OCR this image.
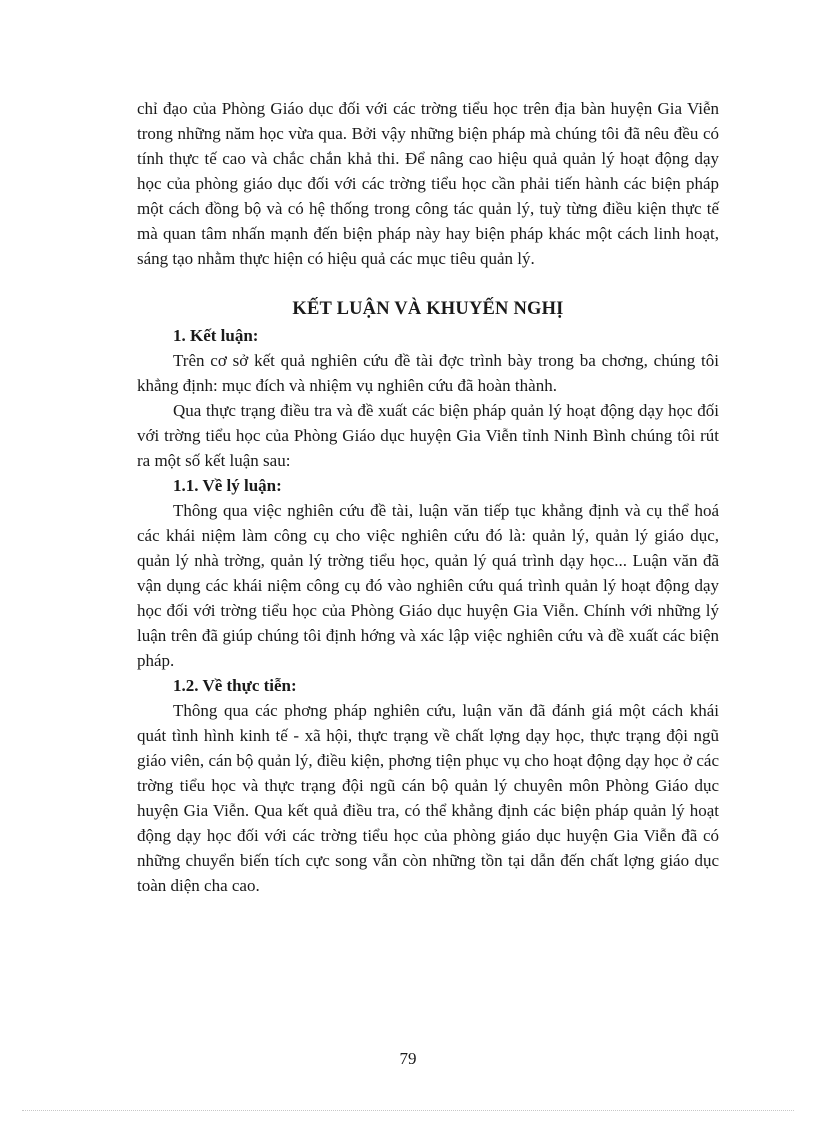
chỉ đạo của Phòng Giáo dục đối với các trờng tiểu học trên địa bàn huyện Gia Viễn trong những năm học vừa qua. Bởi vậy những biện pháp mà chúng tôi đã nêu đều có tính thực tế cao và chắc chắn khả thi. Để nâng cao hiệu quả quản lý hoạt động dạy học của phòng giáo dục đối với các trờng tiểu học cần phải tiến hành các biện pháp một cách đồng bộ và có hệ thống trong công tác quản lý, tuỳ từng điều kiện thực tế mà quan tâm nhấn mạnh đến biện pháp này hay biện pháp khác một cách linh hoạt, sáng tạo nhằm thực hiện có hiệu quả các mục tiêu quản lý.

KẾT LUẬN VÀ KHUYẾN NGHỊ

1. Kết luận:

Trên cơ sở kết quả nghiên cứu đề tài đợc trình bày trong ba chơng, chúng tôi khẳng định: mục đích và nhiệm vụ nghiên cứu đã hoàn thành.

Qua thực trạng điều tra và đề xuất các biện pháp quản lý hoạt động dạy học đối với trờng tiểu học của Phòng Giáo dục huyện Gia Viễn tỉnh Ninh Bình chúng tôi rút ra một số kết luận sau:

1.1. Về lý luận:

Thông qua việc nghiên cứu đề tài, luận văn tiếp tục khẳng định và cụ thể hoá các khái niệm làm công cụ cho việc nghiên cứu đó là: quản lý, quản lý giáo dục, quản lý nhà trờng, quản lý trờng tiểu học, quản lý quá trình dạy học... Luận văn đã vận dụng các khái niệm công cụ đó vào nghiên cứu quá trình quản lý hoạt động dạy học đối với trờng tiểu học của Phòng Giáo dục huyện Gia Viễn. Chính với những lý luận trên đã giúp chúng tôi định hớng và xác lập việc nghiên cứu và đề xuất các biện pháp.

1.2. Về thực tiễn:

Thông qua các phơng pháp nghiên cứu, luận văn đã đánh giá một cách khái quát tình hình kinh tế - xã hội, thực trạng về chất lợng dạy học, thực trạng đội ngũ giáo viên, cán bộ quản lý, điều kiện, phơng tiện phục vụ cho hoạt động dạy học ở các trờng tiểu học và thực trạng đội ngũ cán bộ quản lý chuyên môn Phòng Giáo dục huyện Gia Viễn. Qua kết quả điều tra, có thể khẳng định các biện pháp quản lý hoạt động dạy học đối với các trờng tiểu học của phòng giáo dục huyện Gia Viễn đã có những chuyển biến tích cực song vẫn còn những tồn tại dẫn đến chất lợng giáo dục toàn diện cha cao.

79
